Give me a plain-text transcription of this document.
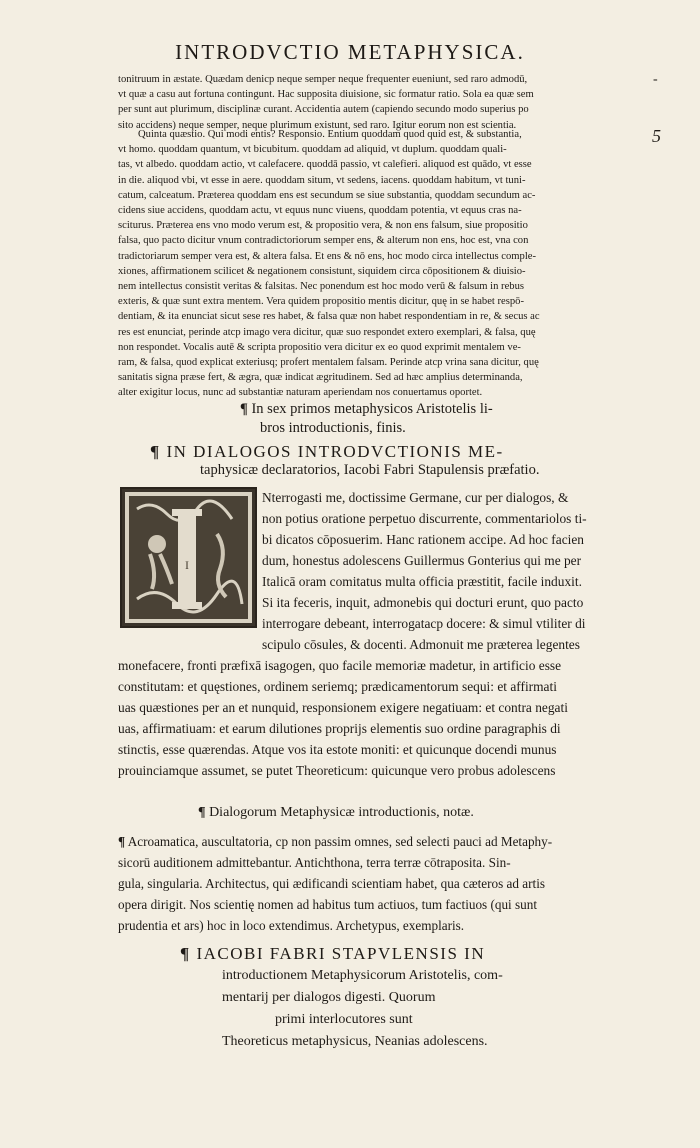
INTRODVCTIO METAPHYSICA.
-
5
tonitruum in æstate. Quædam denicp neque semper neque frequenter eueniunt, sed raro admodū,
vt quæ a casu aut fortuna contingunt. Hac supposita diuisione, sic formatur ratio. Sola ea quæ sem
per sunt aut plurimum, disciplinæ curant. Accidentia autem (capiendo secundo modo superius po
sito accidens) neque semper, neque plurimum existunt, sed raro. Igitur eorum non est scientia.
Quinta quæstio. Qui modi entis? Responsio. Entium quoddam quod quid est, & substantia,
vt homo. quoddam quantum, vt bicubitum. quoddam ad aliquid, vt duplum. quoddam quali-
tas, vt albedo. quoddam actio, vt calefacere. quoddā passio, vt calefieri. aliquod est quādo, vt esse
in die. aliquod vbi, vt esse in aere. quoddam situm, vt sedens, iacens. quoddam habitum, vt tuni-
catum, calceatum. Præterea quoddam ens est secundum se siue substantia, quoddam secundum ac-
cidens siue accidens, quoddam actu, vt equus nunc viuens, quoddam potentia, vt equus cras na-
sciturus. Præterea ens vno modo verum est, & propositio vera, & non ens falsum, siue propositio
falsa, quo pacto dicitur vnum contradictoriorum semper ens, & alterum non ens, hoc est, vna con
tradictoriarum semper vera est, & altera falsa. Et ens & nō ens, hoc modo circa intellectus comple-
xiones, affirmationem scilicet & negationem consistunt, siquidem circa cōpositionem & diuisio-
nem intellectus consistit veritas & falsitas. Nec ponendum est hoc modo verū & falsum in rebus
exteris, & quæ sunt extra mentem. Vera quidem propositio mentis dicitur, quę in se habet respō-
dentiam, & ita enunciat sicut sese res habet, & falsa quæ non habet respondentiam in re, & secus ac
res est enunciat, perinde atcp imago vera dicitur, quæ suo respondet extero exemplari, & falsa, quę
non respondet. Vocalis autē & scripta propositio vera dicitur ex eo quod exprimit mentalem ve-
ram, & falsa, quod explicat exteriusq; profert mentalem falsam. Perinde atcp vrina sana dicitur, quę
sanitatis signa præse fert, & ægra, quæ indicat ægritudinem. Sed ad hæc amplius determinanda,
alter exigitur locus, nunc ad substantiæ naturam aperiendam nos conuertamus oportet.
¶ In sex primos metaphysicos Aristotelis li-
bros introductionis, finis.
¶ IN DIALOGOS INTRODVCTIONIS ME-
taphysicæ declaratorios, Iacobi Fabri Stapulensis præfatio.
I
Nterrogasti me, doctissime Germane, cur per dialogos, &
non potius oratione perpetuo discurrente, commentariolos ti-
bi dicatos cōposuerim. Hanc rationem accipe. Ad hoc facien
dum, honestus adolescens Guillermus Gonterius qui me per
Italicā oram comitatus multa officia præstitit, facile induxit.
Si ita feceris, inquit, admonebis qui docturi erunt, quo pacto
interrogare debeant, interrogatacp docere: & simul vtiliter di
scipulo cōsules, & docenti. Admonuit me præterea legentes
monefacere, fronti præfixā isagogen, quo facile memoriæ madetur, in artificio esse
constitutam: et quęstiones, ordinem seriemq; prædicamentorum sequi: et affirmati
uas quæstiones per an et nunquid, responsionem exigere negatiuam: et contra negati
uas, affirmatiuam: et earum dilutiones proprijs elementis suo ordine paragraphis di
stinctis, esse quærendas. Atque vos ita estote moniti: et quicunque docendi munus
¶ Dialogorum Metaphysicæ introductionis, notæ.
prouinciamque assumet, se putet Theoreticum: quicunque vero probus adolescens
¶ Acroamatica, auscultatoria, cp non passim omnes, sed selecti pauci ad Metaphy-
sicorū auditionem admittebantur. Antichthona, terra terræ cōtraposita. Sin-
gula, singularia. Architectus, qui ædificandi scientiam habet, qua cæteros ad artis
opera dirigit. Nos scientię nomen ad habitus tum actiuos, tum factiuos (qui sunt
prudentia et ars) hoc in loco extendimus. Archetypus, exemplaris.
¶ IACOBI FABRI STAPVLENSIS IN
introductionem Metaphysicorum Aristotelis, com-
mentarij per dialogos digesti. Quorum
primi interlocutores sunt
Theoreticus metaphysicus, Neanias adolescens.
